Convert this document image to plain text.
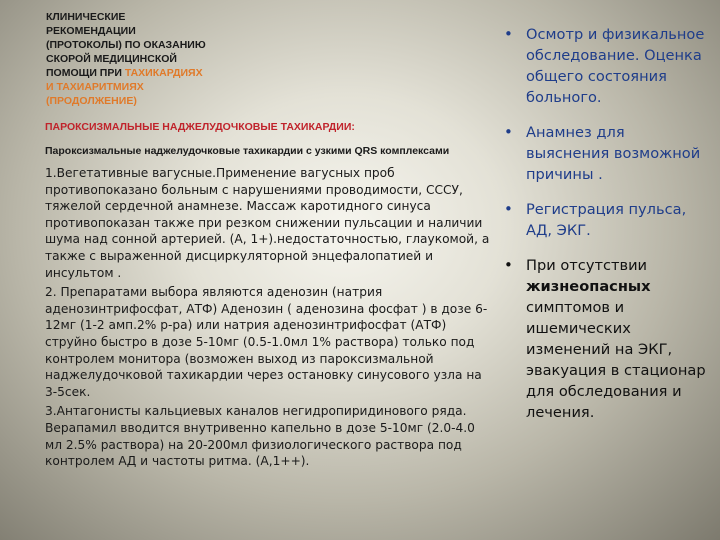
КЛИНИЧЕСКИЕ
РЕКОМЕНДАЦИИ
(ПРОТОКОЛЫ) ПО ОКАЗАНИЮ
СКОРОЙ МЕДИЦИНСКОЙ
ПОМОЩИ ПРИ ТАХИКАРДИЯХ
И ТАХИАРИТМИЯХ
(ПРОДОЛЖЕНИЕ)

ПАРОКСИЗМАЛЬНЫЕ НАДЖЕЛУДОЧКОВЫЕ ТАХИКАРДИИ:

Пароксизмальные наджелудочковые тахикардии с узкими QRS комплексами

1.Вегетативные вагусные.Применение вагусных проб противопоказано больным с нарушениями проводимости, СССУ, тяжелой сердечной анамнезе. Массаж каротидного синуса противопоказан также при резком снижении пульсации и наличии шума над сонной артерией. (А, 1+).недостаточностью, глаукомой, а также с выраженной дисциркуляторной энцефалопатией и инсультом .

2. Препаратами выбора являются аденозин (натрия аденозинтрифосфат, АТФ) Аденозин ( аденозина фосфат ) в дозе 6-12мг (1-2 амп.2% р-ра) или натрия аденозинтрифосфат (АТФ) струйно быстро в дозе 5-10мг (0.5-1.0мл 1% раствора) только под контролем монитора (возможен выход из пароксизмальной наджелудочковой тахикардии через остановку синусового узла на 3-5сек.

3.Антагонисты кальциевых каналов негидропиридинового ряда. Верапамил вводится внутривенно капельно в дозе 5-10мг (2.0-4.0 мл 2.5% раствора) на 20-200мл физиологического раствора под контролем АД и частоты ритма. (А,1++).

• Осмотр и физикальное обследование. Оценка общего состояния больного.
• Анамнез для выяснения возможной причины .
• Регистрация пульса, АД, ЭКГ.
• При отсутствии жизнеопасных симптомов и ишемических изменений на ЭКГ, эвакуация в стационар для обследования и лечения.
